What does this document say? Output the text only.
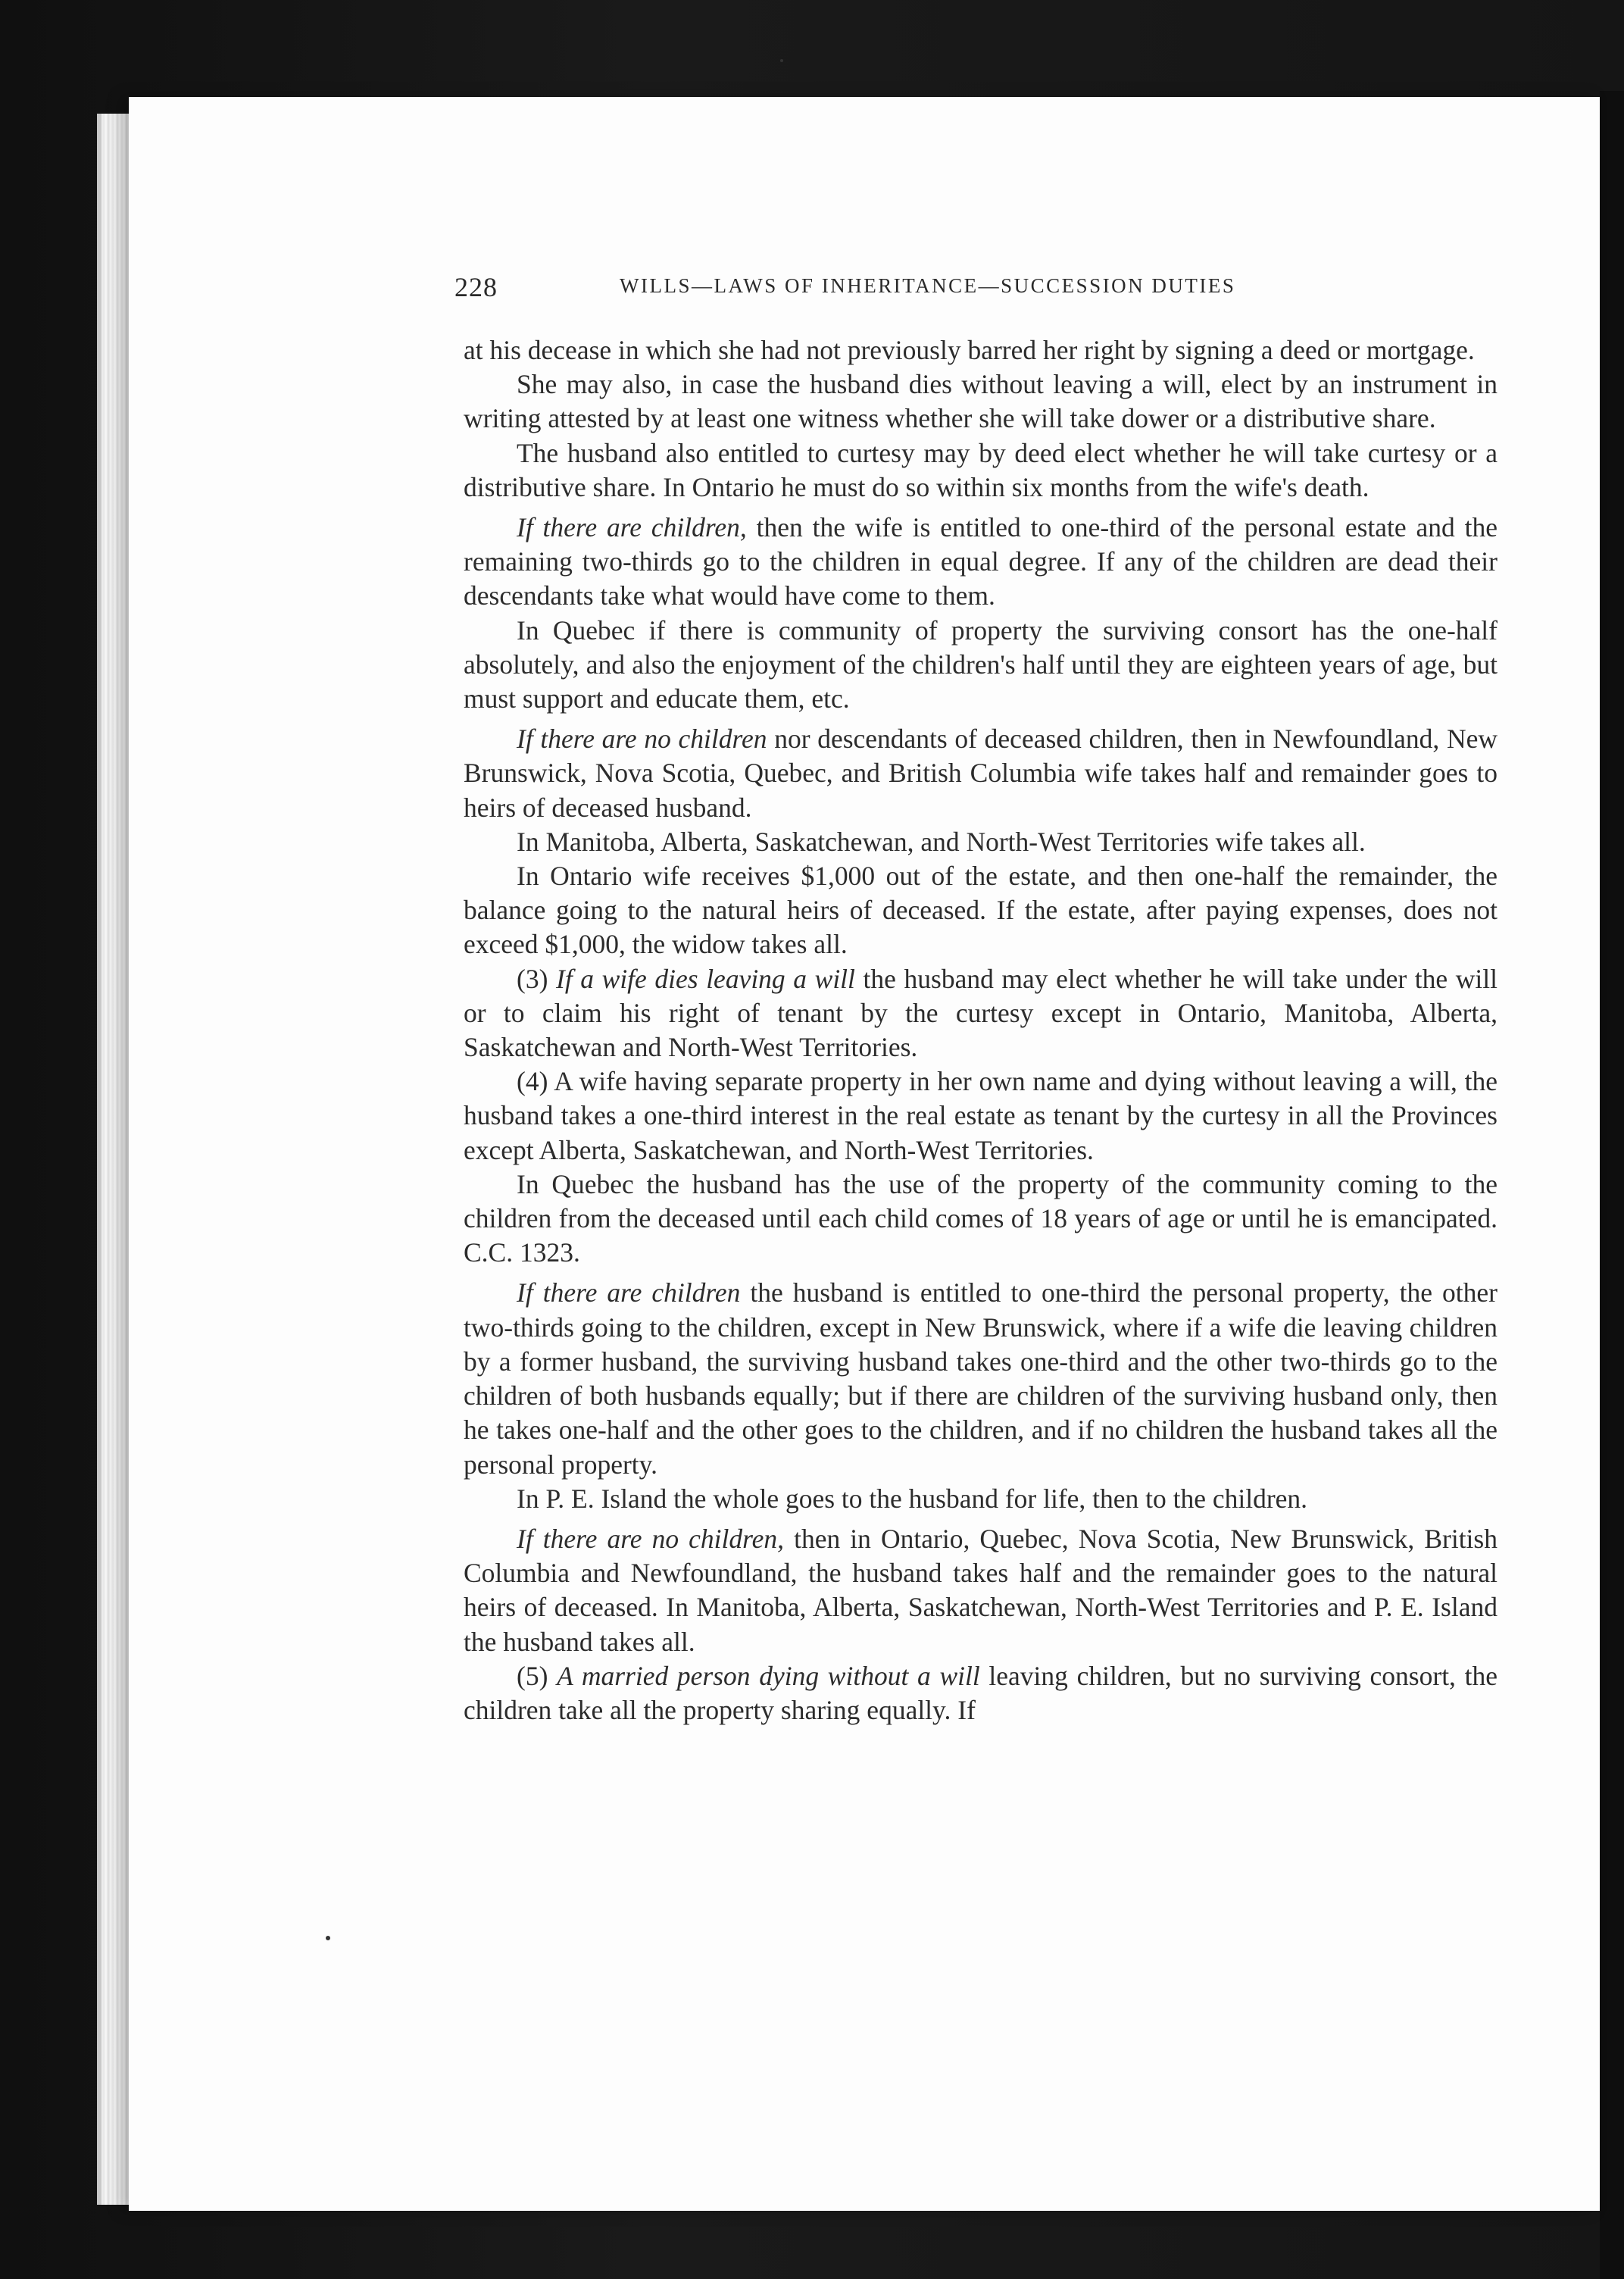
228	WILLS—LAWS OF INHERITANCE—SUCCESSION DUTIES

at his decease in which she had not previously barred her right by signing a deed or mortgage.

She may also, in case the husband dies without leaving a will, elect by an instrument in writing attested by at least one witness whether she will take dower or a distributive share.

The husband also entitled to curtesy may by deed elect whether he will take curtesy or a distributive share. In Ontario he must do so within six months from the wife's death.

If there are children, then the wife is entitled to one-third of the personal estate and the remaining two-thirds go to the children in equal degree. If any of the children are dead their descendants take what would have come to them.

In Quebec if there is community of property the surviving consort has the one-half absolutely, and also the enjoyment of the children's half until they are eighteen years of age, but must support and educate them, etc.

If there are no children nor descendants of deceased children, then in Newfoundland, New Brunswick, Nova Scotia, Quebec, and British Columbia wife takes half and remainder goes to heirs of deceased husband.

In Manitoba, Alberta, Saskatchewan, and North-West Territories wife takes all.

In Ontario wife receives $1,000 out of the estate, and then one-half the remainder, the balance going to the natural heirs of deceased. If the estate, after paying expenses, does not exceed $1,000, the widow takes all.

(3) If a wife dies leaving a will the husband may elect whether he will take under the will or to claim his right of tenant by the curtesy except in Ontario, Manitoba, Alberta, Saskatchewan and North-West Territories.

(4) A wife having separate property in her own name and dying without leaving a will, the husband takes a one-third interest in the real estate as tenant by the curtesy in all the Provinces except Alberta, Saskatchewan, and North-West Territories.

In Quebec the husband has the use of the property of the community coming to the children from the deceased until each child comes of 18 years of age or until he is emancipated. C.C. 1323.

If there are children the husband is entitled to one-third the personal property, the other two-thirds going to the children, except in New Brunswick, where if a wife die leaving children by a former husband, the surviving husband takes one-third and the other two-thirds go to the children of both husbands equally; but if there are children of the surviving husband only, then he takes one-half and the other goes to the children, and if no children the husband takes all the personal property.

In P. E. Island the whole goes to the husband for life, then to the children.

If there are no children, then in Ontario, Quebec, Nova Scotia, New Brunswick, British Columbia and Newfoundland, the husband takes half and the remainder goes to the natural heirs of deceased. In Manitoba, Alberta, Saskatchewan, North-West Territories and P. E. Island the husband takes all.

(5) A married person dying without a will leaving children, but no surviving consort, the children take all the property sharing equally. If
